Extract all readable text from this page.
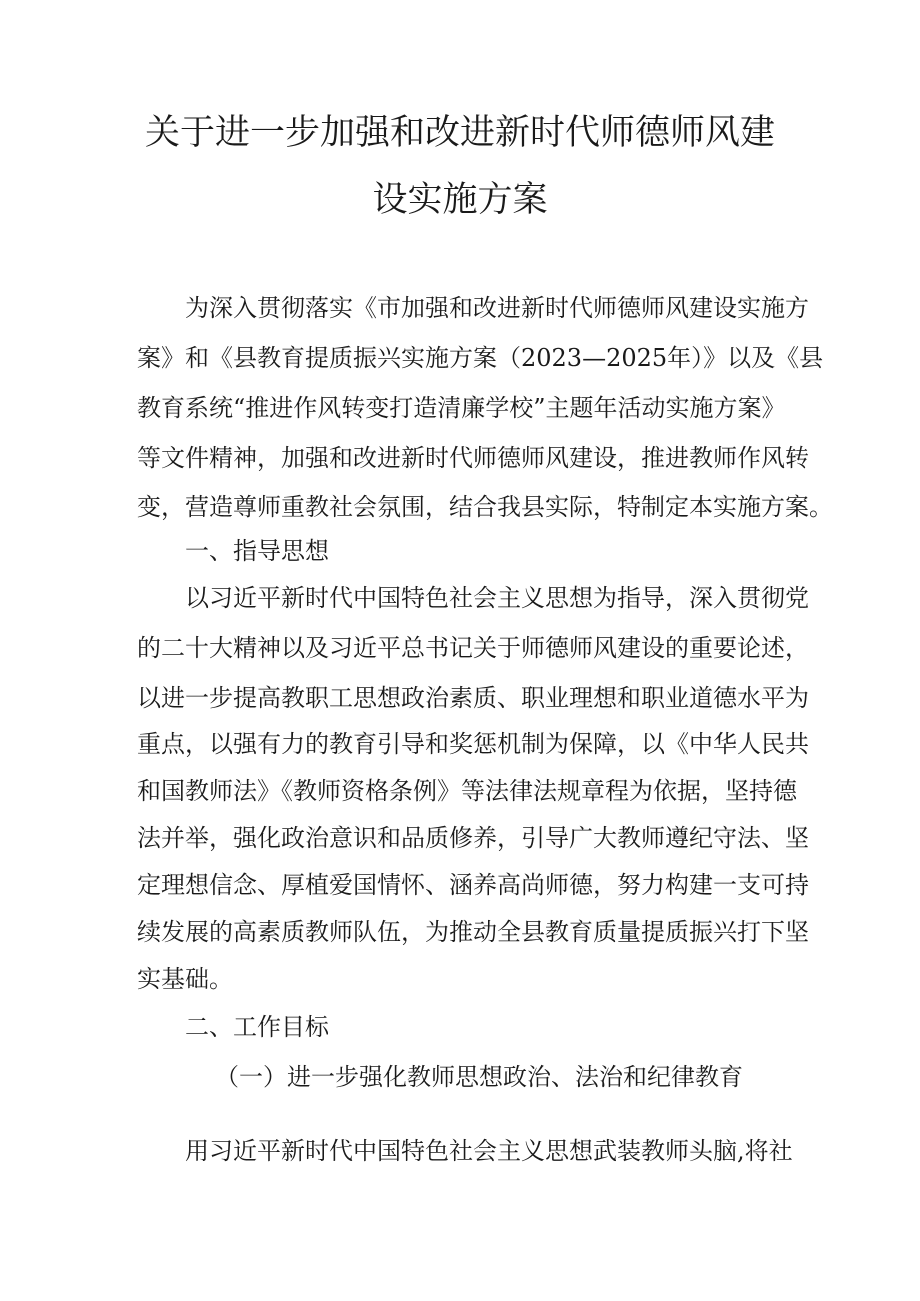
关于进一步加强和改进新时代师德师风建
设实施方案
为深入贯彻落实《市加强和改进新时代师德师风建设实施方
案》和《县教育提质振兴实施方案（2023—2025年）》以及《县
教育系统“推进作风转变打造清廉学校”主题年活动实施方案》
等文件精神，加强和改进新时代师德师风建设，推进教师作风转
变，营造尊师重教社会氛围，结合我县实际，特制定本实施方案。
一、指导思想
以习近平新时代中国特色社会主义思想为指导，深入贯彻党
的二十大精神以及习近平总书记关于师德师风建设的重要论述，
以进一步提高教职工思想政治素质、职业理想和职业道德水平为
重点，以强有力的教育引导和奖惩机制为保障，以《中华人民共
和国教师法》《教师资格条例》等法律法规章程为依据，坚持德
法并举，强化政治意识和品质修养，引导广大教师遵纪守法、坚
定理想信念、厚植爱国情怀、涵养高尚师德，努力构建一支可持
续发展的高素质教师队伍，为推动全县教育质量提质振兴打下坚
实基础。
二、工作目标
（一）进一步强化教师思想政治、法治和纪律教育
用习近平新时代中国特色社会主义思想武装教师头脑,将社
